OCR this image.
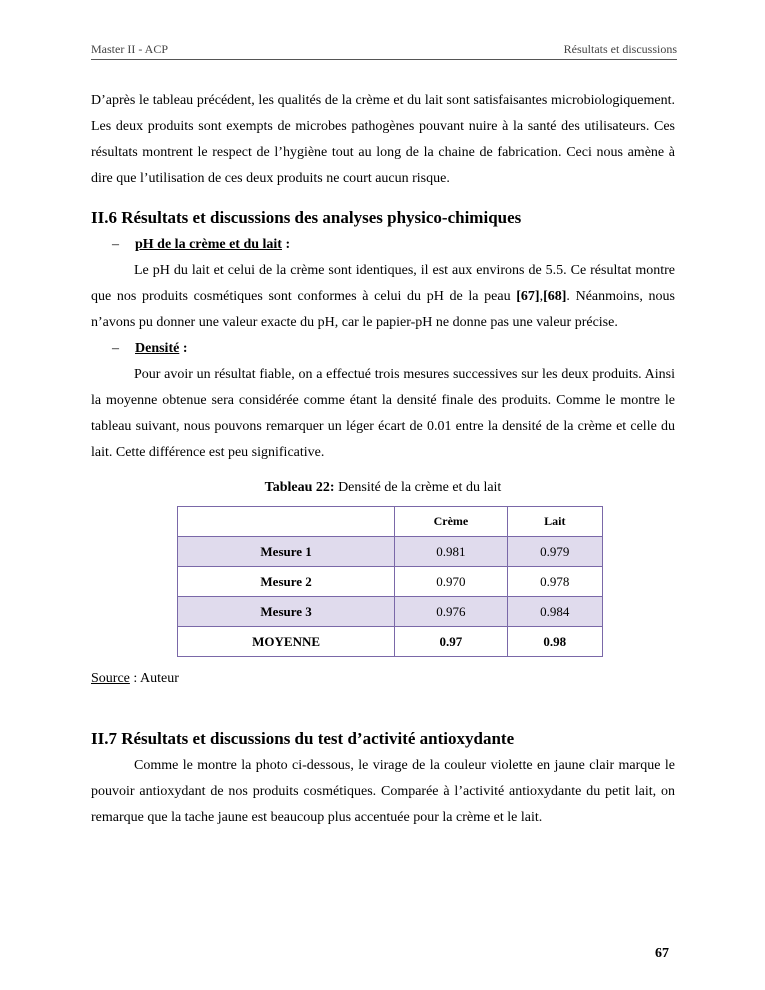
Master II - ACP	Résultats et discussions

D’après le tableau précédent, les qualités de la crème et du lait sont satisfaisantes microbiologiquement. Les deux produits sont exempts de microbes pathogènes pouvant nuire à la santé des utilisateurs. Ces résultats montrent le respect de l’hygiène tout au long de la chaine de fabrication. Ceci nous amène à dire que l’utilisation de ces deux produits ne court aucun risque.

II.6 Résultats et discussions des analyses physico-chimiques
– pH de la crème et du lait :

Le pH du lait et celui de la crème sont identiques, il est aux environs de 5.5. Ce résultat montre que nos produits cosmétiques sont conformes à celui du pH de la peau [67],[68]. Néanmoins, nous n’avons pu donner une valeur exacte du pH, car le papier-pH ne donne pas une valeur précise.

– Densité :

Pour avoir un résultat fiable, on a effectué trois mesures successives sur les deux produits. Ainsi la moyenne obtenue sera considérée comme étant la densité finale des produits. Comme le montre le tableau suivant, nous pouvons remarquer un léger écart de 0.01 entre la densité de la crème et celle du lait. Cette différence est peu significative.

Tableau 22: Densité de la crème et du lait
	Crème	Lait
Mesure 1	0.981	0.979
Mesure 2	0.970	0.978
Mesure 3	0.976	0.984
MOYENNE	0.97	0.98
Source : Auteur
II.7 Résultats et discussions du test d’activité antioxydante

Comme le montre la photo ci-dessous, le virage de la couleur violette en jaune clair marque le pouvoir antioxydant de nos produits cosmétiques. Comparée à l’activité antioxydante du petit lait, on remarque que la tache jaune est beaucoup plus accentuée pour la crème et le lait.

67
